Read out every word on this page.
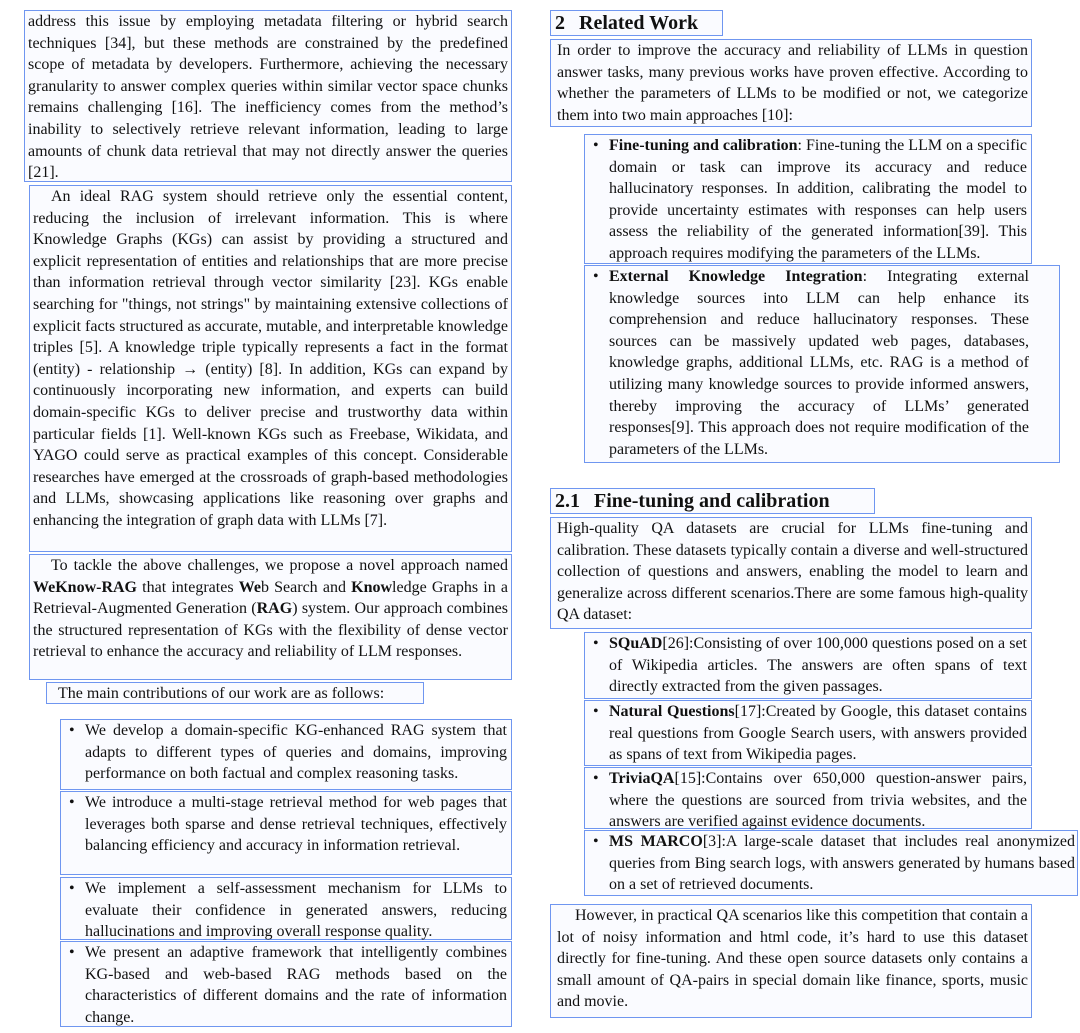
address this issue by employing metadata filtering or hybrid search techniques [34], but these methods are constrained by the predefined scope of metadata by developers. Furthermore, achieving the necessary granularity to answer complex queries within similar vector space chunks remains challenging [16]. The inefficiency comes from the method’s inability to selectively retrieve relevant information, leading to large amounts of chunk data retrieval that may not directly answer the queries [21].

An ideal RAG system should retrieve only the essential content, reducing the inclusion of irrelevant information. This is where Knowledge Graphs (KGs) can assist by providing a structured and explicit representation of entities and relationships that are more precise than information retrieval through vector similarity [23]. KGs enable searching for "things, not strings" by maintaining extensive collections of explicit facts structured as accurate, mutable, and interpretable knowledge triples [5]. A knowledge triple typically represents a fact in the format (entity) - relationship → (entity) [8]. In addition, KGs can expand by continuously incorporating new information, and experts can build domain-specific KGs to deliver precise and trustworthy data within particular fields [1]. Well-known KGs such as Freebase, Wikidata, and YAGO could serve as practical examples of this concept. Considerable researches have emerged at the crossroads of graph-based methodologies and LLMs, showcasing applications like reasoning over graphs and enhancing the integration of graph data with LLMs [7].

To tackle the above challenges, we propose a novel approach named WeKnow-RAG that integrates Web Search and Knowledge Graphs in a Retrieval-Augmented Generation (RAG) system. Our approach combines the structured representation of KGs with the flexibility of dense vector retrieval to enhance the accuracy and reliability of LLM responses.

The main contributions of our work are as follows:

• We develop a domain-specific KG-enhanced RAG system that adapts to different types of queries and domains, improving performance on both factual and complex reasoning tasks.

• We introduce a multi-stage retrieval method for web pages that leverages both sparse and dense retrieval techniques, effectively balancing efficiency and accuracy in information retrieval.

• We implement a self-assessment mechanism for LLMs to evaluate their confidence in generated answers, reducing hallucinations and improving overall response quality.

• We present an adaptive framework that intelligently combines KG-based and web-based RAG methods based on the characteristics of different domains and the rate of information change.

2 Related Work

In order to improve the accuracy and reliability of LLMs in question answer tasks, many previous works have proven effective. According to whether the parameters of LLMs to be modified or not, we categorize them into two main approaches [10]:

• Fine-tuning and calibration: Fine-tuning the LLM on a specific domain or task can improve its accuracy and reduce hallucinatory responses. In addition, calibrating the model to provide uncertainty estimates with responses can help users assess the reliability of the generated information[39]. This approach requires modifying the parameters of the LLMs.

• External Knowledge Integration: Integrating external knowledge sources into LLM can help enhance its comprehension and reduce hallucinatory responses. These sources can be massively updated web pages, databases, knowledge graphs, additional LLMs, etc. RAG is a method of utilizing many knowledge sources to provide informed answers, thereby improving the accuracy of LLMs’ generated responses[9]. This approach does not require modification of the parameters of the LLMs.

2.1 Fine-tuning and calibration

High-quality QA datasets are crucial for LLMs fine-tuning and calibration. These datasets typically contain a diverse and well-structured collection of questions and answers, enabling the model to learn and generalize across different scenarios.There are some famous high-quality QA dataset:

• SQuAD[26]:Consisting of over 100,000 questions posed on a set of Wikipedia articles. The answers are often spans of text directly extracted from the given passages.

• Natural Questions[17]:Created by Google, this dataset contains real questions from Google Search users, with answers provided as spans of text from Wikipedia pages.

• TriviaQA[15]:Contains over 650,000 question-answer pairs, where the questions are sourced from trivia websites, and the answers are verified against evidence documents.

• MS MARCO[3]:A large-scale dataset that includes real anonymized queries from Bing search logs, with answers generated by humans based on a set of retrieved documents.

However, in practical QA scenarios like this competition that contain a lot of noisy information and html code, it’s hard to use this dataset directly for fine-tuning. And these open source datasets only contains a small amount of QA-pairs in special domain like finance, sports, music and movie.
